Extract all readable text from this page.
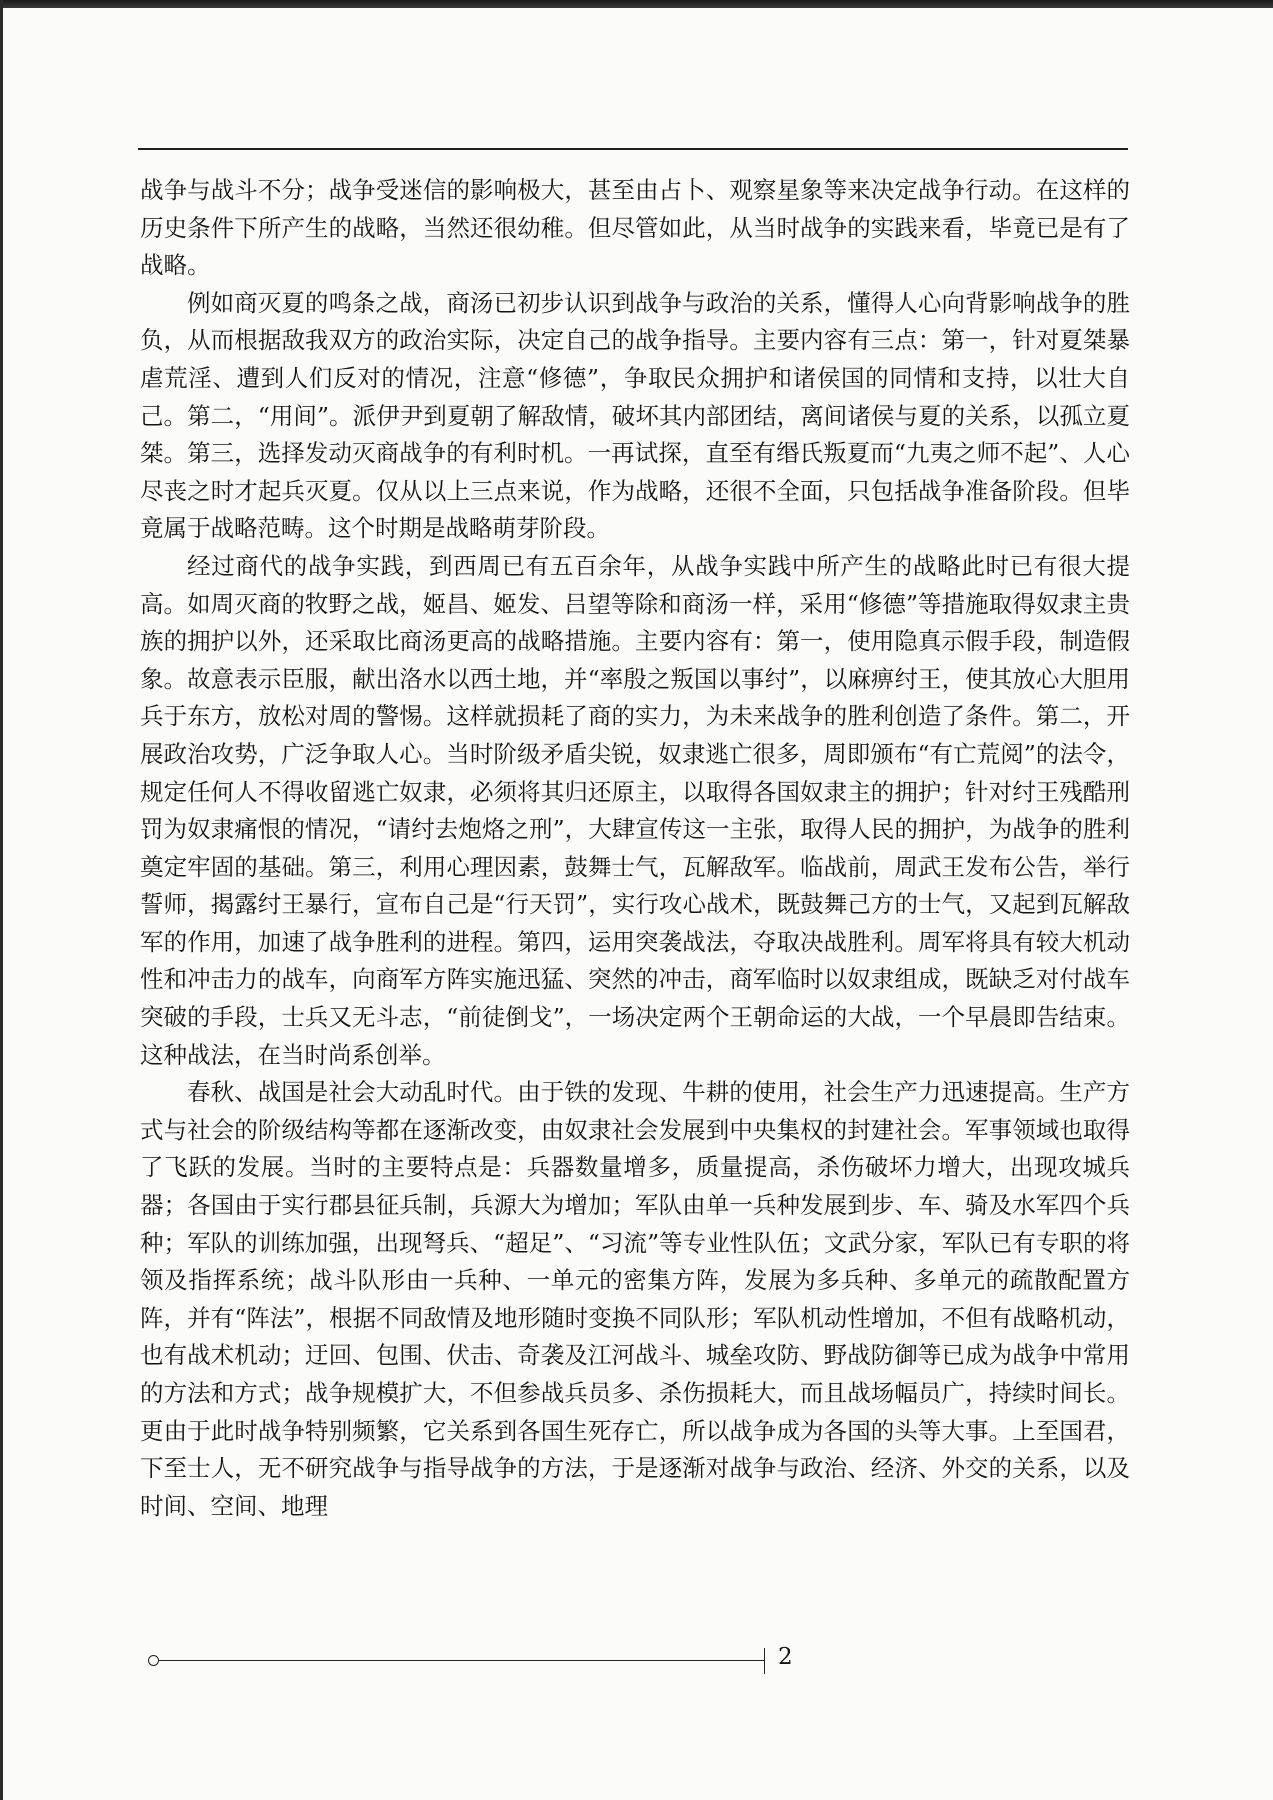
战争与战斗不分；战争受迷信的影响极大，甚至由占卜、观察星象等来决定战争行动。在这样的历史条件下所产生的战略，当然还很幼稚。但尽管如此，从当时战争的实践来看，毕竟已是有了战略。

例如商灭夏的鸣条之战，商汤已初步认识到战争与政治的关系，懂得人心向背影响战争的胜负，从而根据敌我双方的政治实际，决定自己的战争指导。主要内容有三点：第一，针对夏桀暴虐荒淫、遭到人们反对的情况，注意“修德”，争取民众拥护和诸侯国的同情和支持，以壮大自己。第二，“用间”。派伊尹到夏朝了解敌情，破坏其内部团结，离间诸侯与夏的关系，以孤立夏桀。第三，选择发动灭商战争的有利时机。一再试探，直至有缗氏叛夏而“九夷之师不起”、人心尽丧之时才起兵灭夏。仅从以上三点来说，作为战略，还很不全面，只包括战争准备阶段。但毕竟属于战略范畴。这个时期是战略萌芽阶段。

经过商代的战争实践，到西周已有五百余年，从战争实践中所产生的战略此时已有很大提高。如周灭商的牧野之战，姬昌、姬发、吕望等除和商汤一样，采用“修德”等措施取得奴隶主贵族的拥护以外，还采取比商汤更高的战略措施。主要内容有：第一，使用隐真示假手段，制造假象。故意表示臣服，献出洛水以西土地，并“率殷之叛国以事纣”，以麻痹纣王，使其放心大胆用兵于东方，放松对周的警惕。这样就损耗了商的实力，为未来战争的胜利创造了条件。第二，开展政治攻势，广泛争取人心。当时阶级矛盾尖锐，奴隶逃亡很多，周即颁布“有亡荒阅”的法令，规定任何人不得收留逃亡奴隶，必须将其归还原主，以取得各国奴隶主的拥护；针对纣王残酷刑罚为奴隶痛恨的情况，“请纣去炮烙之刑”，大肆宣传这一主张，取得人民的拥护，为战争的胜利奠定牢固的基础。第三，利用心理因素，鼓舞士气，瓦解敌军。临战前，周武王发布公告，举行誓师，揭露纣王暴行，宣布自己是“行天罚”，实行攻心战术，既鼓舞己方的士气，又起到瓦解敌军的作用，加速了战争胜利的进程。第四，运用突袭战法，夺取决战胜利。周军将具有较大机动性和冲击力的战车，向商军方阵实施迅猛、突然的冲击，商军临时以奴隶组成，既缺乏对付战车突破的手段，士兵又无斗志，“前徒倒戈”，一场决定两个王朝命运的大战，一个早晨即告结束。这种战法，在当时尚系创举。

春秋、战国是社会大动乱时代。由于铁的发现、牛耕的使用，社会生产力迅速提高。生产方式与社会的阶级结构等都在逐渐改变，由奴隶社会发展到中央集权的封建社会。军事领域也取得了飞跃的发展。当时的主要特点是：兵器数量增多，质量提高，杀伤破坏力增大，出现攻城兵器；各国由于实行郡县征兵制，兵源大为增加；军队由单一兵种发展到步、车、骑及水军四个兵种；军队的训练加强，出现弩兵、“超足”、“习流”等专业性队伍；文武分家，军队已有专职的将领及指挥系统；战斗队形由一兵种、一单元的密集方阵，发展为多兵种、多单元的疏散配置方阵，并有“阵法”，根据不同敌情及地形随时变换不同队形；军队机动性增加，不但有战略机动，也有战术机动；迂回、包围、伏击、奇袭及江河战斗、城垒攻防、野战防御等已成为战争中常用的方法和方式；战争规模扩大，不但参战兵员多、杀伤损耗大，而且战场幅员广，持续时间长。更由于此时战争特别频繁，它关系到各国生死存亡，所以战争成为各国的头等大事。上至国君，下至士人，无不研究战争与指导战争的方法，于是逐渐对战争与政治、经济、外交的关系，以及时间、空间、地理

2
